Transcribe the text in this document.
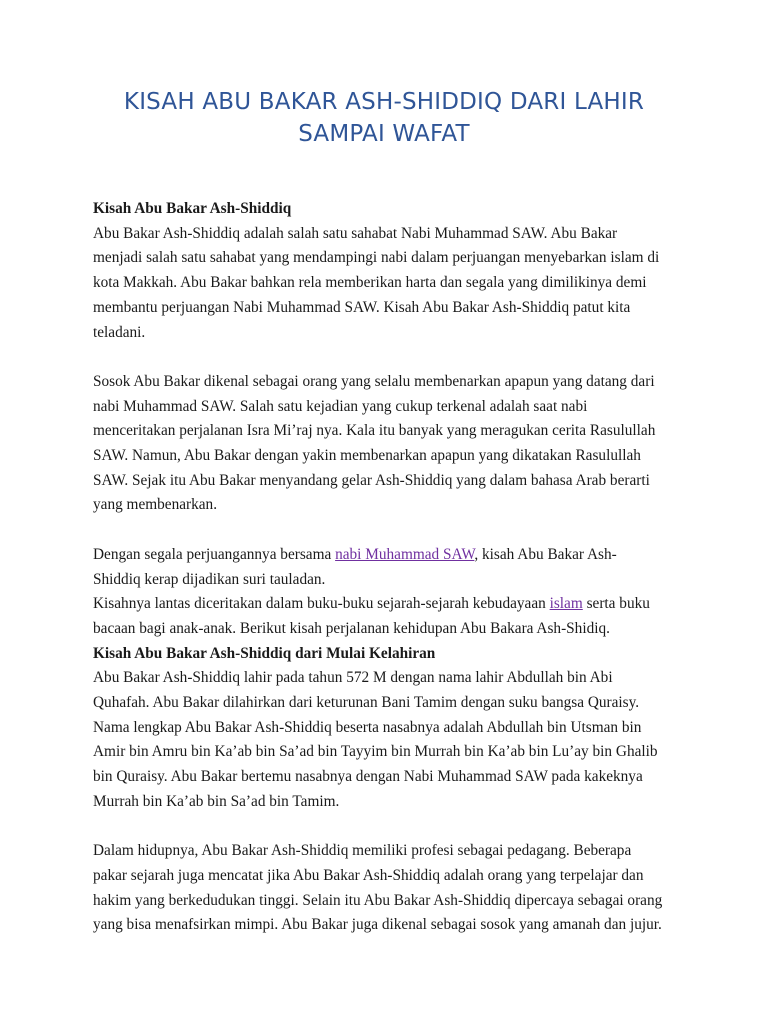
KISAH ABU BAKAR ASH-SHIDDIQ DARI LAHIR
SAMPAI WAFAT
Kisah Abu Bakar Ash-Shiddiq
Abu Bakar Ash-Shiddiq adalah salah satu sahabat Nabi Muhammad SAW. Abu Bakar
menjadi salah satu sahabat yang mendampingi nabi dalam perjuangan menyebarkan islam di
kota Makkah. Abu Bakar bahkan rela memberikan harta dan segala yang dimilikinya demi
membantu perjuangan Nabi Muhammad SAW. Kisah Abu Bakar Ash-Shiddiq patut kita
teladani.
Sosok Abu Bakar dikenal sebagai orang yang selalu membenarkan apapun yang datang dari
nabi Muhammad SAW. Salah satu kejadian yang cukup terkenal adalah saat nabi
menceritakan perjalanan Isra Mi’raj nya. Kala itu banyak yang meragukan cerita Rasulullah
SAW. Namun, Abu Bakar dengan yakin membenarkan apapun yang dikatakan Rasulullah
SAW. Sejak itu Abu Bakar menyandang gelar Ash-Shiddiq yang dalam bahasa Arab berarti
yang membenarkan.
Dengan segala perjuangannya bersama nabi Muhammad SAW, kisah Abu Bakar Ash-
Shiddiq kerap dijadikan suri tauladan.
Kisahnya lantas diceritakan dalam buku-buku sejarah-sejarah kebudayaan islam serta buku
bacaan bagi anak-anak. Berikut kisah perjalanan kehidupan Abu Bakara Ash-Shidiq.
Kisah Abu Bakar Ash-Shiddiq dari Mulai Kelahiran
Abu Bakar Ash-Shiddiq lahir pada tahun 572 M dengan nama lahir Abdullah bin Abi
Quhafah. Abu Bakar dilahirkan dari keturunan Bani Tamim dengan suku bangsa Quraisy.
Nama lengkap Abu Bakar Ash-Shiddiq beserta nasabnya adalah Abdullah bin Utsman bin
Amir bin Amru bin Ka’ab bin Sa’ad bin Tayyim bin Murrah bin Ka’ab bin Lu’ay bin Ghalib
bin Quraisy. Abu Bakar bertemu nasabnya dengan Nabi Muhammad SAW pada kakeknya
Murrah bin Ka’ab bin Sa’ad bin Tamim.
Dalam hidupnya, Abu Bakar Ash-Shiddiq memiliki profesi sebagai pedagang. Beberapa
pakar sejarah juga mencatat jika Abu Bakar Ash-Shiddiq adalah orang yang terpelajar dan
hakim yang berkedudukan tinggi. Selain itu Abu Bakar Ash-Shiddiq dipercaya sebagai orang
yang bisa menafsirkan mimpi. Abu Bakar juga dikenal sebagai sosok yang amanah dan jujur.
